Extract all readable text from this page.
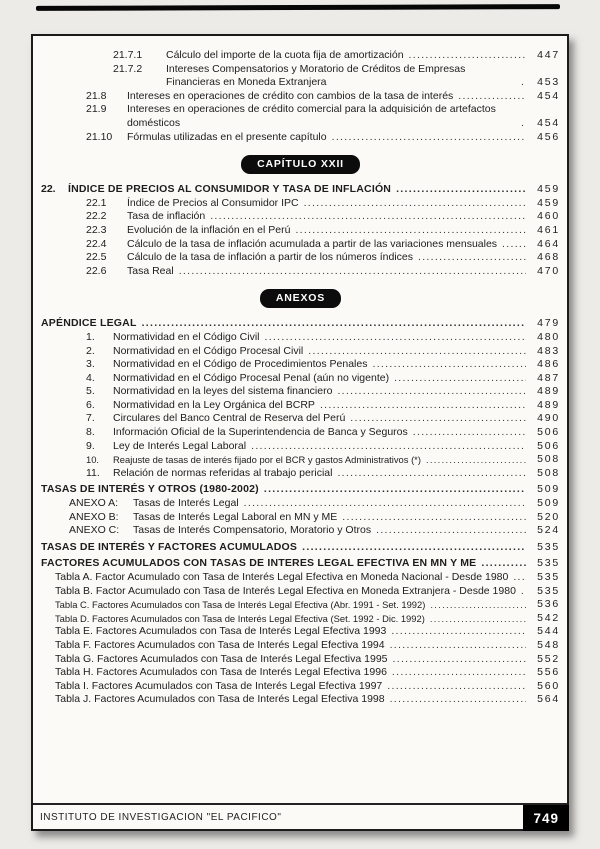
21.7.1	Cálculo del importe de la cuota fija de amortización .....	447
21.7.2	Intereses Compensatorios y Moratorio de Créditos de Empresas Financieras en Moneda Extranjera .....	453
21.8	Intereses en operaciones de crédito con cambios de la tasa de interés .....	454
21.9	Intereses en operaciones de crédito comercial para la adquisición de artefactos domésticos .....	454
21.10	Fórmulas utilizadas en el presente capítulo .....	456
CAPÍTULO XXII
22.	ÍNDICE DE PRECIOS AL CONSUMIDOR Y TASA DE INFLACIÓN .....	459
22.1	Índice de Precios al Consumidor IPC .....	459
22.2	Tasa de inflación .....	460
22.3	Evolución de la inflación en el Perú .....	461
22.4	Cálculo de la tasa de inflación acumulada a partir de las variaciones mensuales .....	464
22.5	Cálculo de la tasa de inflación a partir de los números índices .....	468
22.6	Tasa Real .....	470
ANEXOS
APÉNDICE LEGAL .....	479
1.	Normatividad en el Código Civil .....	480
2.	Normatividad en el Código Procesal Civil .....	483
3.	Normatividad en el Código de Procedimientos Penales .....	486
4.	Normatividad en el Código Procesal Penal (aún no vigente) .....	487
5.	Normatividad en la leyes del sistema financiero .....	489
6.	Normatividad en la Ley Orgánica del BCRP .....	489
7.	Circulares del Banco Central de Reserva del Perú .....	490
8.	Información Oficial de la Superintendencia de Banca y Seguros .....	506
9.	Ley de Interés Legal Laboral .....	506
10.	Reajuste de tasas de interés fijado por el BCR y gastos Administrativos (*) .....	508
11.	Relación de normas referidas al trabajo pericial .....	508
TASAS DE INTERÉS Y OTROS (1980-2002) .....	509
ANEXO A:	Tasas de Interés Legal .....	509
ANEXO B:	Tasas de Interés Legal Laboral en MN y ME .....	520
ANEXO C:	Tasas de Interés Compensatorio, Moratorio y Otros .....	524
TASAS DE INTERÉS Y FACTORES ACUMULADOS .....	535
FACTORES ACUMULADOS CON TASAS DE INTERES LEGAL EFECTIVA EN MN Y ME .....	535
Tabla A. Factor Acumulado con Tasa de Interés Legal Efectiva en Moneda Nacional - Desde 1980 .....	535
Tabla B. Factor Acumulado con Tasa de Interés Legal Efectiva en Moneda Extranjera - Desde 1980 .....	535
Tabla C. Factores Acumulados con Tasa de Interés Legal Efectiva (Abr. 1991 - Set. 1992) .....	536
Tabla D. Factores Acumulados con Tasa de Interés Legal Efectiva (Set. 1992 - Dic. 1992) .....	542
Tabla E. Factores Acumulados con Tasa de Interés Legal Efectiva 1993 .....	544
Tabla F. Factores Acumulados con Tasa de Interés Legal Efectiva 1994 .....	548
Tabla G. Factores Acumulados con Tasa de Interés Legal Efectiva 1995 .....	552
Tabla H. Factores Acumulados con Tasa de Interés Legal Efectiva 1996 .....	556
Tabla I. Factores Acumulados con Tasa de Interés Legal Efectiva 1997 .....	560
Tabla J. Factores Acumulados con Tasa de Interés Legal Efectiva 1998 .....	564
INSTITUTO DE INVESTIGACION "EL PACIFICO"	749
